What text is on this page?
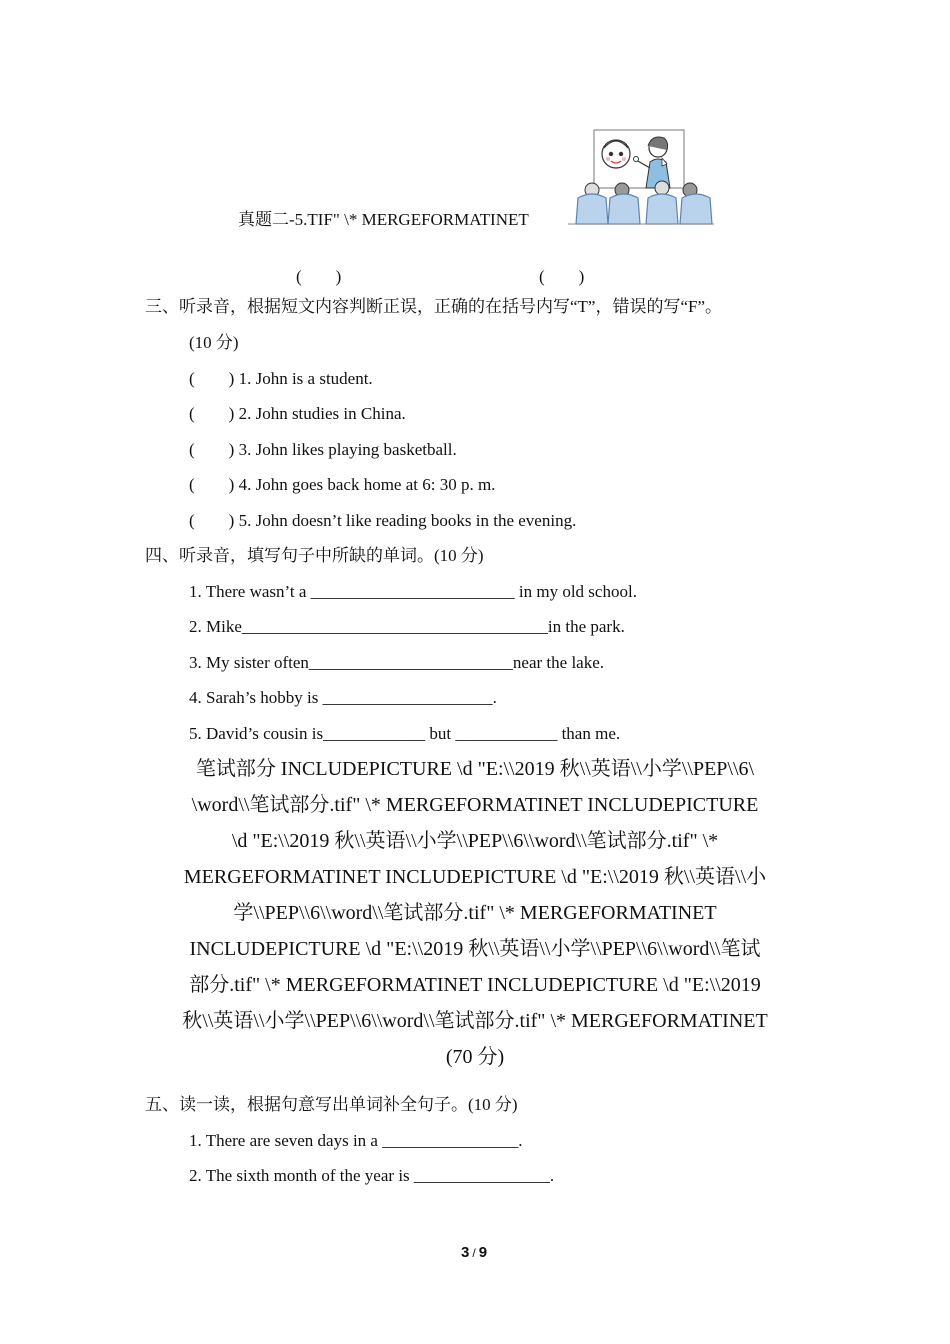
真题二-5.TIF" \* MERGEFORMATINET
(　　)	(　　)
三、听录音，根据短文内容判断正误，正确的在括号内写“T”，错误的写“F”。
(10 分)
(　　) 1. John is a student.
(　　) 2. John studies in China.
(　　) 3. John likes playing basketball.
(　　) 4. John goes back home at 6: 30 p. m.
(　　) 5. John doesn’t like reading books in the evening.
四、听录音，填写句子中所缺的单词。(10 分)
1. There wasn’t a ________________________ in my old school.
2. Mike____________________________________in the park.
3. My sister often________________________near the lake.
4. Sarah’s hobby is ____________________.
5. David’s cousin is____________ but ____________ than me.
笔试部分 INCLUDEPICTURE \d "E:\\2019 秋\\英语\\小学\\PEP\\6\
\word\\笔试部分.tif" \* MERGEFORMATINET INCLUDEPICTURE
\d "E:\\2019 秋\\英语\\小学\\PEP\\6\\word\\笔试部分.tif" \*
MERGEFORMATINET INCLUDEPICTURE \d "E:\\2019 秋\\英语\\小
学\\PEP\\6\\word\\笔试部分.tif" \* MERGEFORMATINET
INCLUDEPICTURE \d "E:\\2019 秋\\英语\\小学\\PEP\\6\\word\\笔试
部分.tif" \* MERGEFORMATINET INCLUDEPICTURE \d "E:\\2019
秋\\英语\\小学\\PEP\\6\\word\\笔试部分.tif" \* MERGEFORMATINET
(70 分)
五、读一读，根据句意写出单词补全句子。(10 分)
1. There are seven days in a ________________.
2. The sixth month of the year is ________________.
3 / 9
